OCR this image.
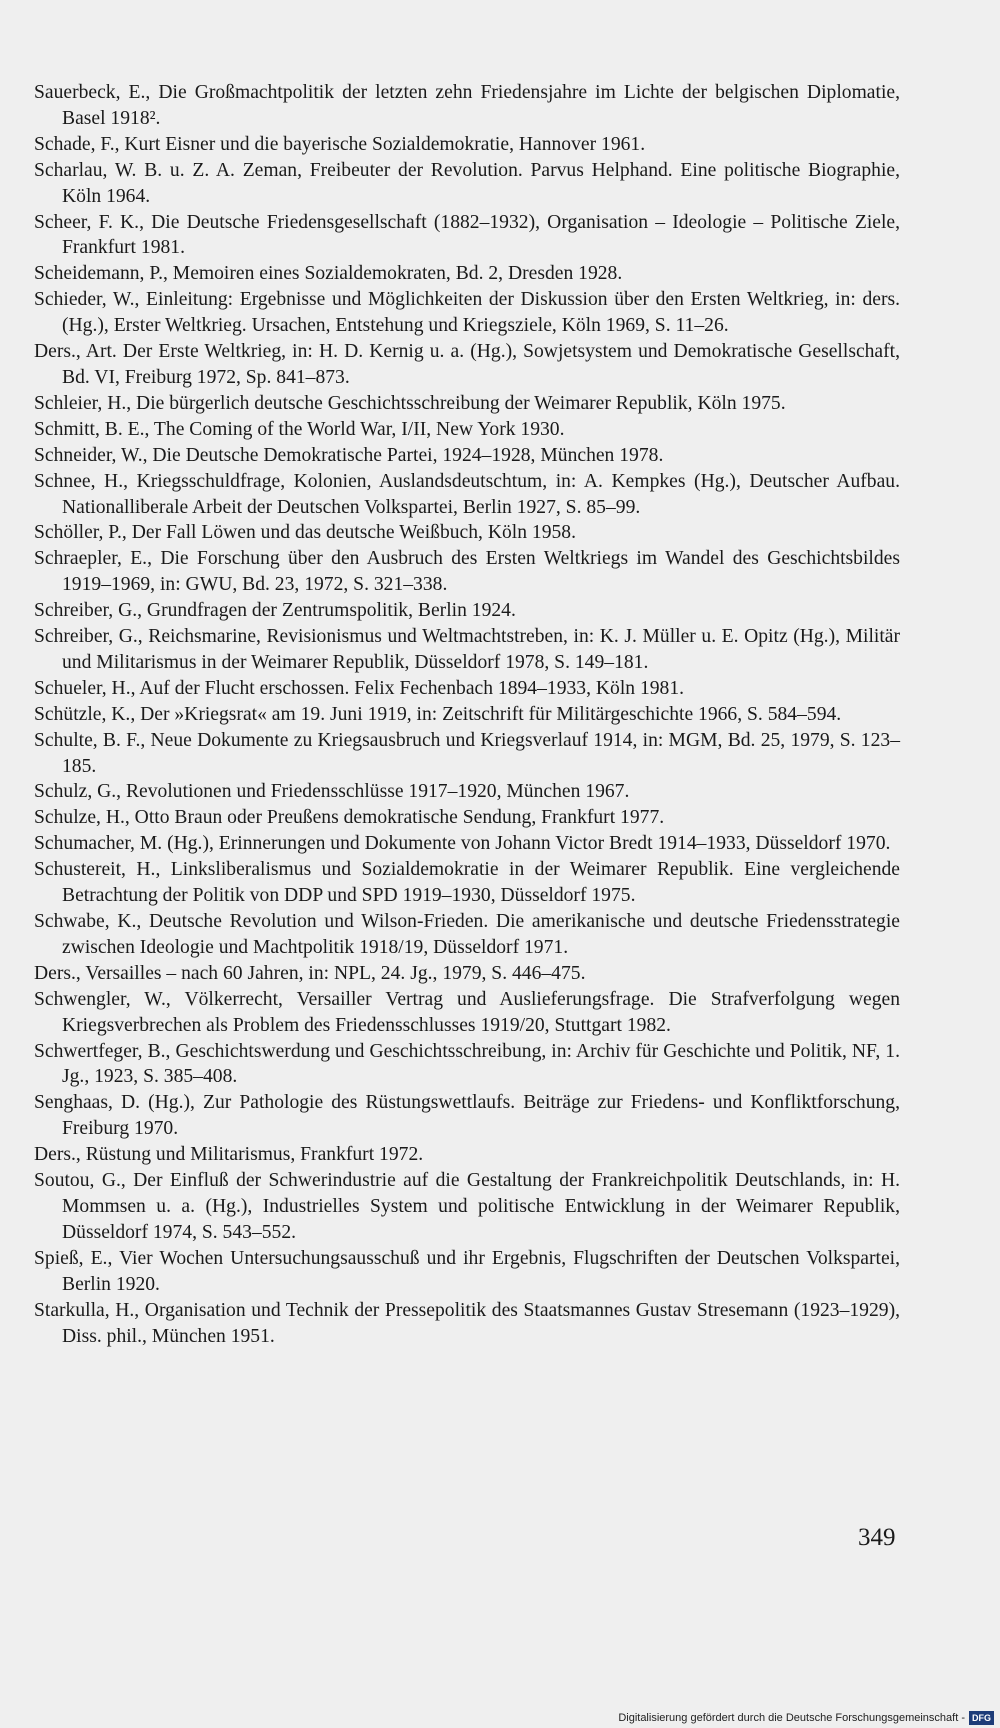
Sauerbeck, E., Die Großmachtpolitik der letzten zehn Friedensjahre im Lichte der belgischen Diplomatie, Basel 1918².
Schade, F., Kurt Eisner und die bayerische Sozialdemokratie, Hannover 1961.
Scharlau, W. B. u. Z. A. Zeman, Freibeuter der Revolution. Parvus Helphand. Eine politische Biographie, Köln 1964.
Scheer, F. K., Die Deutsche Friedensgesellschaft (1882–1932), Organisation – Ideologie – Politische Ziele, Frankfurt 1981.
Scheidemann, P., Memoiren eines Sozialdemokraten, Bd. 2, Dresden 1928.
Schieder, W., Einleitung: Ergebnisse und Möglichkeiten der Diskussion über den Ersten Weltkrieg, in: ders. (Hg.), Erster Weltkrieg. Ursachen, Entstehung und Kriegsziele, Köln 1969, S. 11–26.
Ders., Art. Der Erste Weltkrieg, in: H. D. Kernig u. a. (Hg.), Sowjetsystem und Demokratische Gesellschaft, Bd. VI, Freiburg 1972, Sp. 841–873.
Schleier, H., Die bürgerlich deutsche Geschichtsschreibung der Weimarer Republik, Köln 1975.
Schmitt, B. E., The Coming of the World War, I/II, New York 1930.
Schneider, W., Die Deutsche Demokratische Partei, 1924–1928, München 1978.
Schnee, H., Kriegsschuldfrage, Kolonien, Auslandsdeutschtum, in: A. Kempkes (Hg.), Deutscher Aufbau. Nationalliberale Arbeit der Deutschen Volkspartei, Berlin 1927, S. 85–99.
Schöller, P., Der Fall Löwen und das deutsche Weißbuch, Köln 1958.
Schraepler, E., Die Forschung über den Ausbruch des Ersten Weltkriegs im Wandel des Geschichtsbildes 1919–1969, in: GWU, Bd. 23, 1972, S. 321–338.
Schreiber, G., Grundfragen der Zentrumspolitik, Berlin 1924.
Schreiber, G., Reichsmarine, Revisionismus und Weltmachtstreben, in: K. J. Müller u. E. Opitz (Hg.), Militär und Militarismus in der Weimarer Republik, Düsseldorf 1978, S. 149–181.
Schueler, H., Auf der Flucht erschossen. Felix Fechenbach 1894–1933, Köln 1981.
Schützle, K., Der »Kriegsrat« am 19. Juni 1919, in: Zeitschrift für Militärgeschichte 1966, S. 584–594.
Schulte, B. F., Neue Dokumente zu Kriegsausbruch und Kriegsverlauf 1914, in: MGM, Bd. 25, 1979, S. 123–185.
Schulz, G., Revolutionen und Friedensschlüsse 1917–1920, München 1967.
Schulze, H., Otto Braun oder Preußens demokratische Sendung, Frankfurt 1977.
Schumacher, M. (Hg.), Erinnerungen und Dokumente von Johann Victor Bredt 1914–1933, Düsseldorf 1970.
Schustereit, H., Linksliberalismus und Sozialdemokratie in der Weimarer Republik. Eine vergleichende Betrachtung der Politik von DDP und SPD 1919–1930, Düsseldorf 1975.
Schwabe, K., Deutsche Revolution und Wilson-Frieden. Die amerikanische und deutsche Friedensstrategie zwischen Ideologie und Machtpolitik 1918/19, Düsseldorf 1971.
Ders., Versailles – nach 60 Jahren, in: NPL, 24. Jg., 1979, S. 446–475.
Schwengler, W., Völkerrecht, Versailler Vertrag und Auslieferungsfrage. Die Strafverfolgung wegen Kriegsverbrechen als Problem des Friedensschlusses 1919/20, Stuttgart 1982.
Schwertfeger, B., Geschichtswerdung und Geschichtsschreibung, in: Archiv für Geschichte und Politik, NF, 1. Jg., 1923, S. 385–408.
Senghaas, D. (Hg.), Zur Pathologie des Rüstungswettlaufs. Beiträge zur Friedens- und Konfliktforschung, Freiburg 1970.
Ders., Rüstung und Militarismus, Frankfurt 1972.
Soutou, G., Der Einfluß der Schwerindustrie auf die Gestaltung der Frankreichpolitik Deutschlands, in: H. Mommsen u. a. (Hg.), Industrielles System und politische Entwicklung in der Weimarer Republik, Düsseldorf 1974, S. 543–552.
Spieß, E., Vier Wochen Untersuchungsausschuß und ihr Ergebnis, Flugschriften der Deutschen Volkspartei, Berlin 1920.
Starkulla, H., Organisation und Technik der Pressepolitik des Staatsmannes Gustav Stresemann (1923–1929), Diss. phil., München 1951.
349
Digitalisierung gefördert durch die Deutsche Forschungsgemeinschaft - DFG
